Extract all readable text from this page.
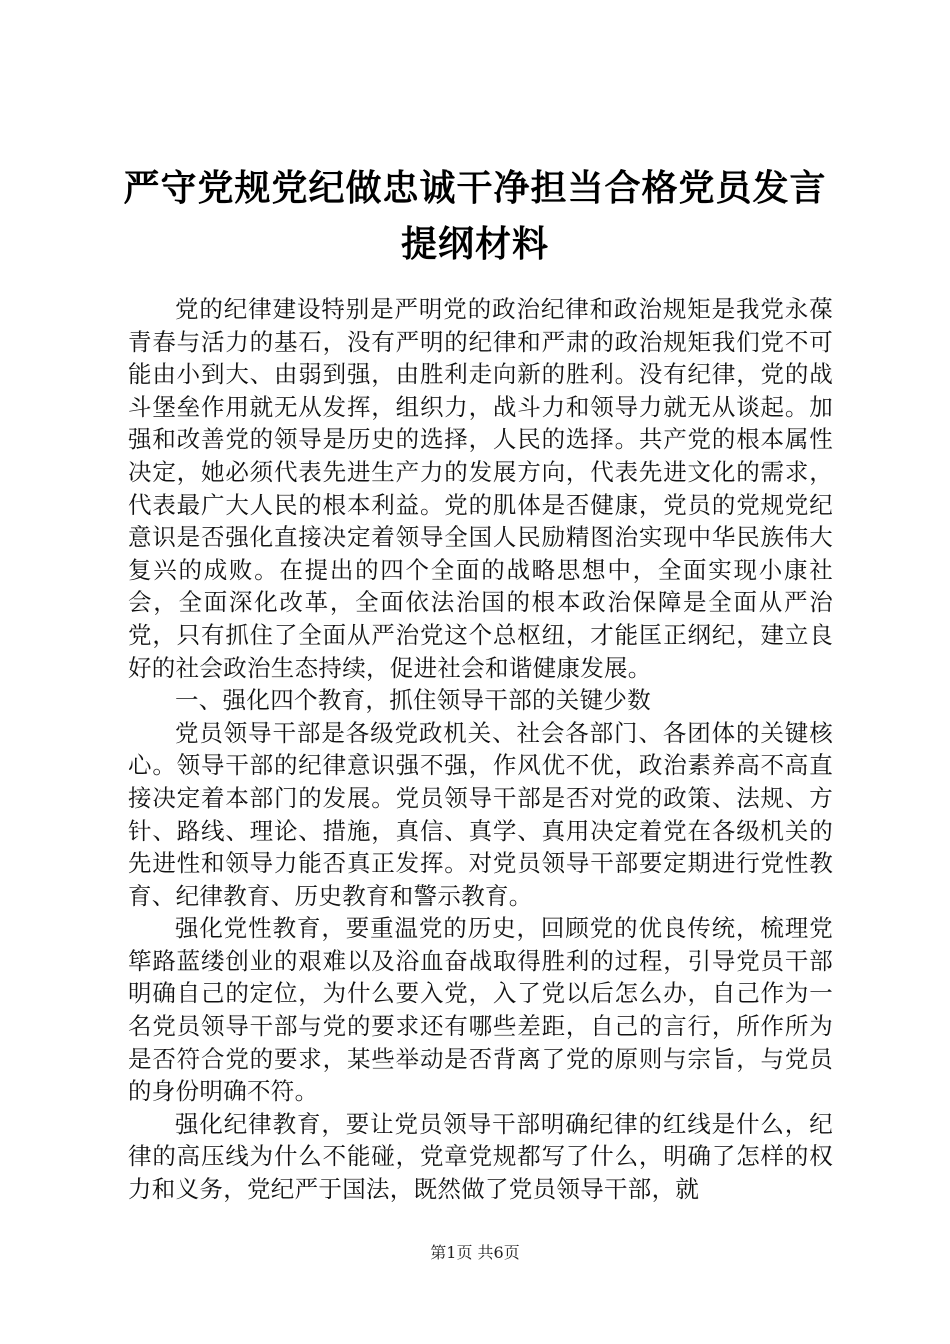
严守党规党纪做忠诚干净担当合格党员发言提纲材料

党的纪律建设特别是严明党的政治纪律和政治规矩是我党永葆青春与活力的基石，没有严明的纪律和严肃的政治规矩我们党不可能由小到大、由弱到强，由胜利走向新的胜利。没有纪律，党的战斗堡垒作用就无从发挥，组织力，战斗力和领导力就无从谈起。加强和改善党的领导是历史的选择，人民的选择。共产党的根本属性决定，她必须代表先进生产力的发展方向，代表先进文化的需求，代表最广大人民的根本利益。党的肌体是否健康，党员的党规党纪意识是否强化直接决定着领导全国人民励精图治实现中华民族伟大复兴的成败。在提出的四个全面的战略思想中，全面实现小康社会，全面深化改革，全面依法治国的根本政治保障是全面从严治党，只有抓住了全面从严治党这个总枢纽，才能匡正纲纪，建立良好的社会政治生态持续，促进社会和谐健康发展。

一、强化四个教育，抓住领导干部的关键少数

党员领导干部是各级党政机关、社会各部门、各团体的关键核心。领导干部的纪律意识强不强，作风优不优，政治素养高不高直接决定着本部门的发展。党员领导干部是否对党的政策、法规、方针、路线、理论、措施，真信、真学、真用决定着党在各级机关的先进性和领导力能否真正发挥。对党员领导干部要定期进行党性教育、纪律教育、历史教育和警示教育。

强化党性教育，要重温党的历史，回顾党的优良传统，梳理党筚路蓝缕创业的艰难以及浴血奋战取得胜利的过程，引导党员干部明确自己的定位，为什么要入党，入了党以后怎么办，自己作为一名党员领导干部与党的要求还有哪些差距，自己的言行，所作所为是否符合党的要求，某些举动是否背离了党的原则与宗旨，与党员的身份明确不符。

强化纪律教育，要让党员领导干部明确纪律的红线是什么，纪律的高压线为什么不能碰，党章党规都写了什么，明确了怎样的权力和义务，党纪严于国法，既然做了党员领导干部，就

第1页 共6页
